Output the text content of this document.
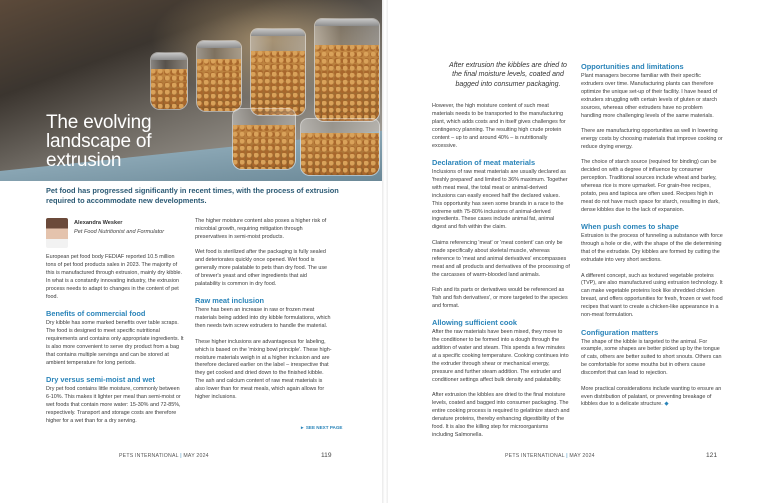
The evolving landscape of extrusion
Pet food has progressed significantly in recent times, with the process of extrusion required to accommodate new developments.
Alexandra Wesker
Pet Food Nutritionist and Formulator

European pet food body FEDIAF reported 10.5 million tons of pet food products sales in 2023. The majority of this is manufactured through extrusion, mainly dry kibble. In what is a constantly innovating industry, the extrusion process needs to adapt to changes in the content of pet food.

Benefits of commercial food

Dry kibble has some marked benefits over table scraps. The food is designed to meet specific nutritional requirements and contains only appropriate ingredients. It is also more convenient to serve dry product from a bag that contains multiple servings and can be stored at ambient temperature for long periods.

Dry versus semi-moist and wet

Dry pet food contains little moisture, commonly between 6-10%. This makes it lighter per meal than semi-moist or wet foods that contain more water: 15-30% and 72-85%, respectively. Transport and storage costs are therefore higher for a wet than for a dry serving.

The higher moisture content also poses a higher risk of microbial growth, requiring mitigation through preservatives in semi-moist products.

Wet food is sterilized after the packaging is fully sealed and deteriorates quickly once opened. Wet food is generally more palatable to pets than dry food. The use of brewer's yeast and other ingredients that aid palatability is common in dry food.

Raw meat inclusion

There has been an increase in raw or frozen meat materials being added into dry kibble formulations, which then needs twin screw extruders to handle the material.

These higher inclusions are advantageous for labeling, which is based on the 'mixing bowl principle'. These high-moisture materials weigh in at a higher inclusion and are therefore declared earlier on the label – irrespective that they get cooked and dried down to the finished kibble. The ash and calcium content of raw meat materials is also lower than for meat meals, which again allows for higher inclusions.

► SEE NEXT PAGE
PETS INTERNATIONAL | MAY 2024	119
After extrusion the kibbles are dried to the final moisture levels, coated and bagged into consumer packaging.

However, the high moisture content of such meat materials needs to be transported to the manufacturing plant, which adds costs and in itself gives challenges for contingency planning. The resulting high crude protein content – up to and around 40% – is nutritionally excessive.

Declaration of meat materials

Inclusions of raw meat materials are usually declared as 'freshly prepared' and limited to 36% maximum. Together with meat meal, the total meat or animal-derived inclusions can easily exceed half the declared values. This opportunity has seen some brands in a race to the extreme with 75-80% inclusions of animal-derived ingredients. These cases include animal fat, animal digest and fish within the claim.

Claims referencing 'meat' or 'meat content' can only be made specifically about skeletal muscle, whereas reference to 'meat and animal derivatives' encompasses meat and all products and derivatives of the processing of the carcasses of warm-blooded land animals.

Fish and its parts or derivatives would be referenced as 'fish and fish derivatives', or more targeted to the species and format.

Allowing sufficient cook

After the raw materials have been mixed, they move to the conditioner to be formed into a dough through the addition of water and steam. This spends a few minutes at a specific cooking temperature. Cooking continues into the extruder through shear or mechanical energy, pressure and further steam addition. The extruder and conditioner settings affect bulk density and palatability.

After extrusion the kibbles are dried to the final moisture levels, coated and bagged into consumer packaging. The entire cooking process is required to gelatinize starch and denature proteins, thereby enhancing digestibility of the food. It is also the killing step for microorganisms including Salmonella.

Opportunities and limitations

Plant managers become familiar with their specific extruders over time. Manufacturing plants can therefore optimize the unique set-up of their facility. I have heard of extruders struggling with certain levels of gluten or starch sources, whereas other extruders have no problem handling more challenging levels of the same materials.

There are manufacturing opportunities as well in lowering energy costs by choosing materials that improve cooking or reduce drying energy.

The choice of starch source (required for binding) can be decided on with a degree of influence by consumer perception. Traditional sources include wheat and barley, whereas rice is more upmarket. For grain-free recipes, potato, pea and tapioca are often used. Recipes high in meat do not have much space for starch, resulting in dark, dense kibbles due to the lack of expansion.

When push comes to shape

Extrusion is the process of funneling a substance with force through a hole or die, with the shape of the die determining that of the extrudate. Dry kibbles are formed by cutting the extrudate into very short sections.

A different concept, such as textured vegetable proteins (TVP), are also manufactured using extrusion technology. It can make vegetable proteins look like shredded chicken breast, and offers opportunities for fresh, frozen or wet food recipes that want to create a chicken-like appearance in a non-meat formulation.

Configuration matters

The shape of the kibble is targeted to the animal. For example, some shapes are better picked up by the tongue of cats, others are better suited to short snouts. Others can be comfortable for some mouths but in others cause discomfort that can lead to rejection.

More practical considerations include wanting to ensure an even distribution of palatant, or preventing breakage of kibbles due to a delicate structure. ◆

PETS INTERNATIONAL | MAY 2024	121
